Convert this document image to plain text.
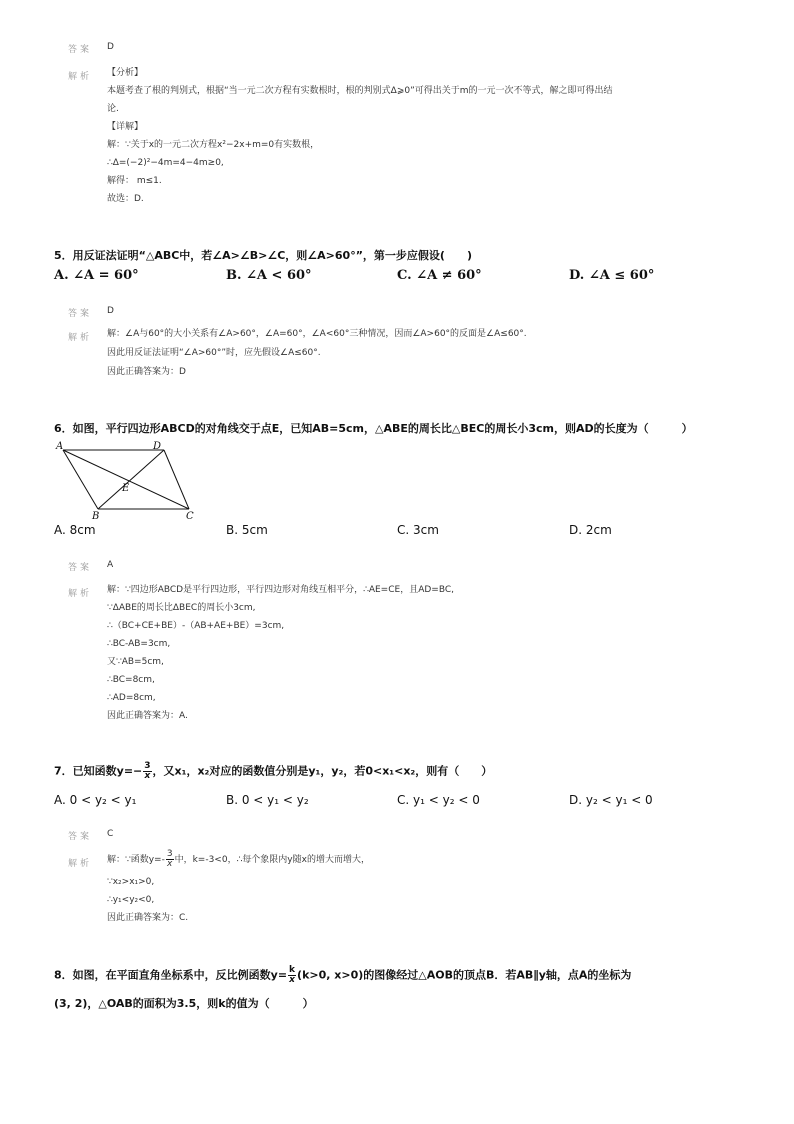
答案 D
解析 【分析】
本题考查了根的判别式，根据“当一元二次方程有实数根时，根的判别式Δ⩾0”可得出关于m的一元一次不等式，解之即可得出结
论.
【详解】
解：∵关于x的一元二次方程x²−2x+m=0有实数根，
∴Δ=(−2)²−4m=4−4m≥0,
解得： m≤1.
故选：D.
5．用反证法证明“△ABC中，若∠A>∠B>∠C，则∠A>60°”，第一步应假设(　　)
A. ∠A = 60°	B. ∠A < 60°	C. ∠A ≠ 60°	D. ∠A ≤ 60°
答案 D
解析 解：∠A与60°的大小关系有∠A>60°，∠A=60°，∠A<60°三种情况，因而∠A>60°的反面是∠A≤60°.
因此用反证法证明“∠A>60°”时，应先假设∠A≤60°.
因此正确答案为：D
6．如图，平行四边形ABCD的对角线交于点E，已知AB=5cm，△ABE的周长比△BEC的周长小3cm，则AD的长度为（　　　）
A	D
E
B	C
A. 8cm	B. 5cm	C. 3cm	D. 2cm
答案 A
解析 解：∵四边形ABCD是平行四边形，平行四边形对角线互相平分，∴AE=CE，且AD=BC,
∵ΔABE的周长比ΔBEC的周长小3cm,
∴（BC+CE+BE）-（AB+AE+BE）=3cm,
∴BC-AB=3cm,
又∵AB=5cm,
∴BC=8cm,
∴AD=8cm,
因此正确答案为：A.
7．已知函数$y=- \frac{3}{x}$ ，又x₁，x₂对应的函数值分别是y₁，y₂，若0<x₁<x₂，则有（　　）
A. 0 < y₂ < y₁	B. 0 < y₁ < y₂	C. y₁ < y₂ < 0	D. y₂ < y₁ < 0
答案 C
解析 解：∵函数$y=- \frac{3}{x}$ 中，k=-3<0，∴每个象限内y随x的增大而增大，
∵x₂>x₁>0,
∴y₁<y₂<0,
因此正确答案为：C.
8．如图，在平面直角坐标系中，反比例函数$y= \frac{k}{x} (k>0$, x>0)的图像经过△AOB的顶点B．若AB∥y轴，点A的坐标为
(3, 2)，△OAB的面积为3.5，则k的值为（　　　）
